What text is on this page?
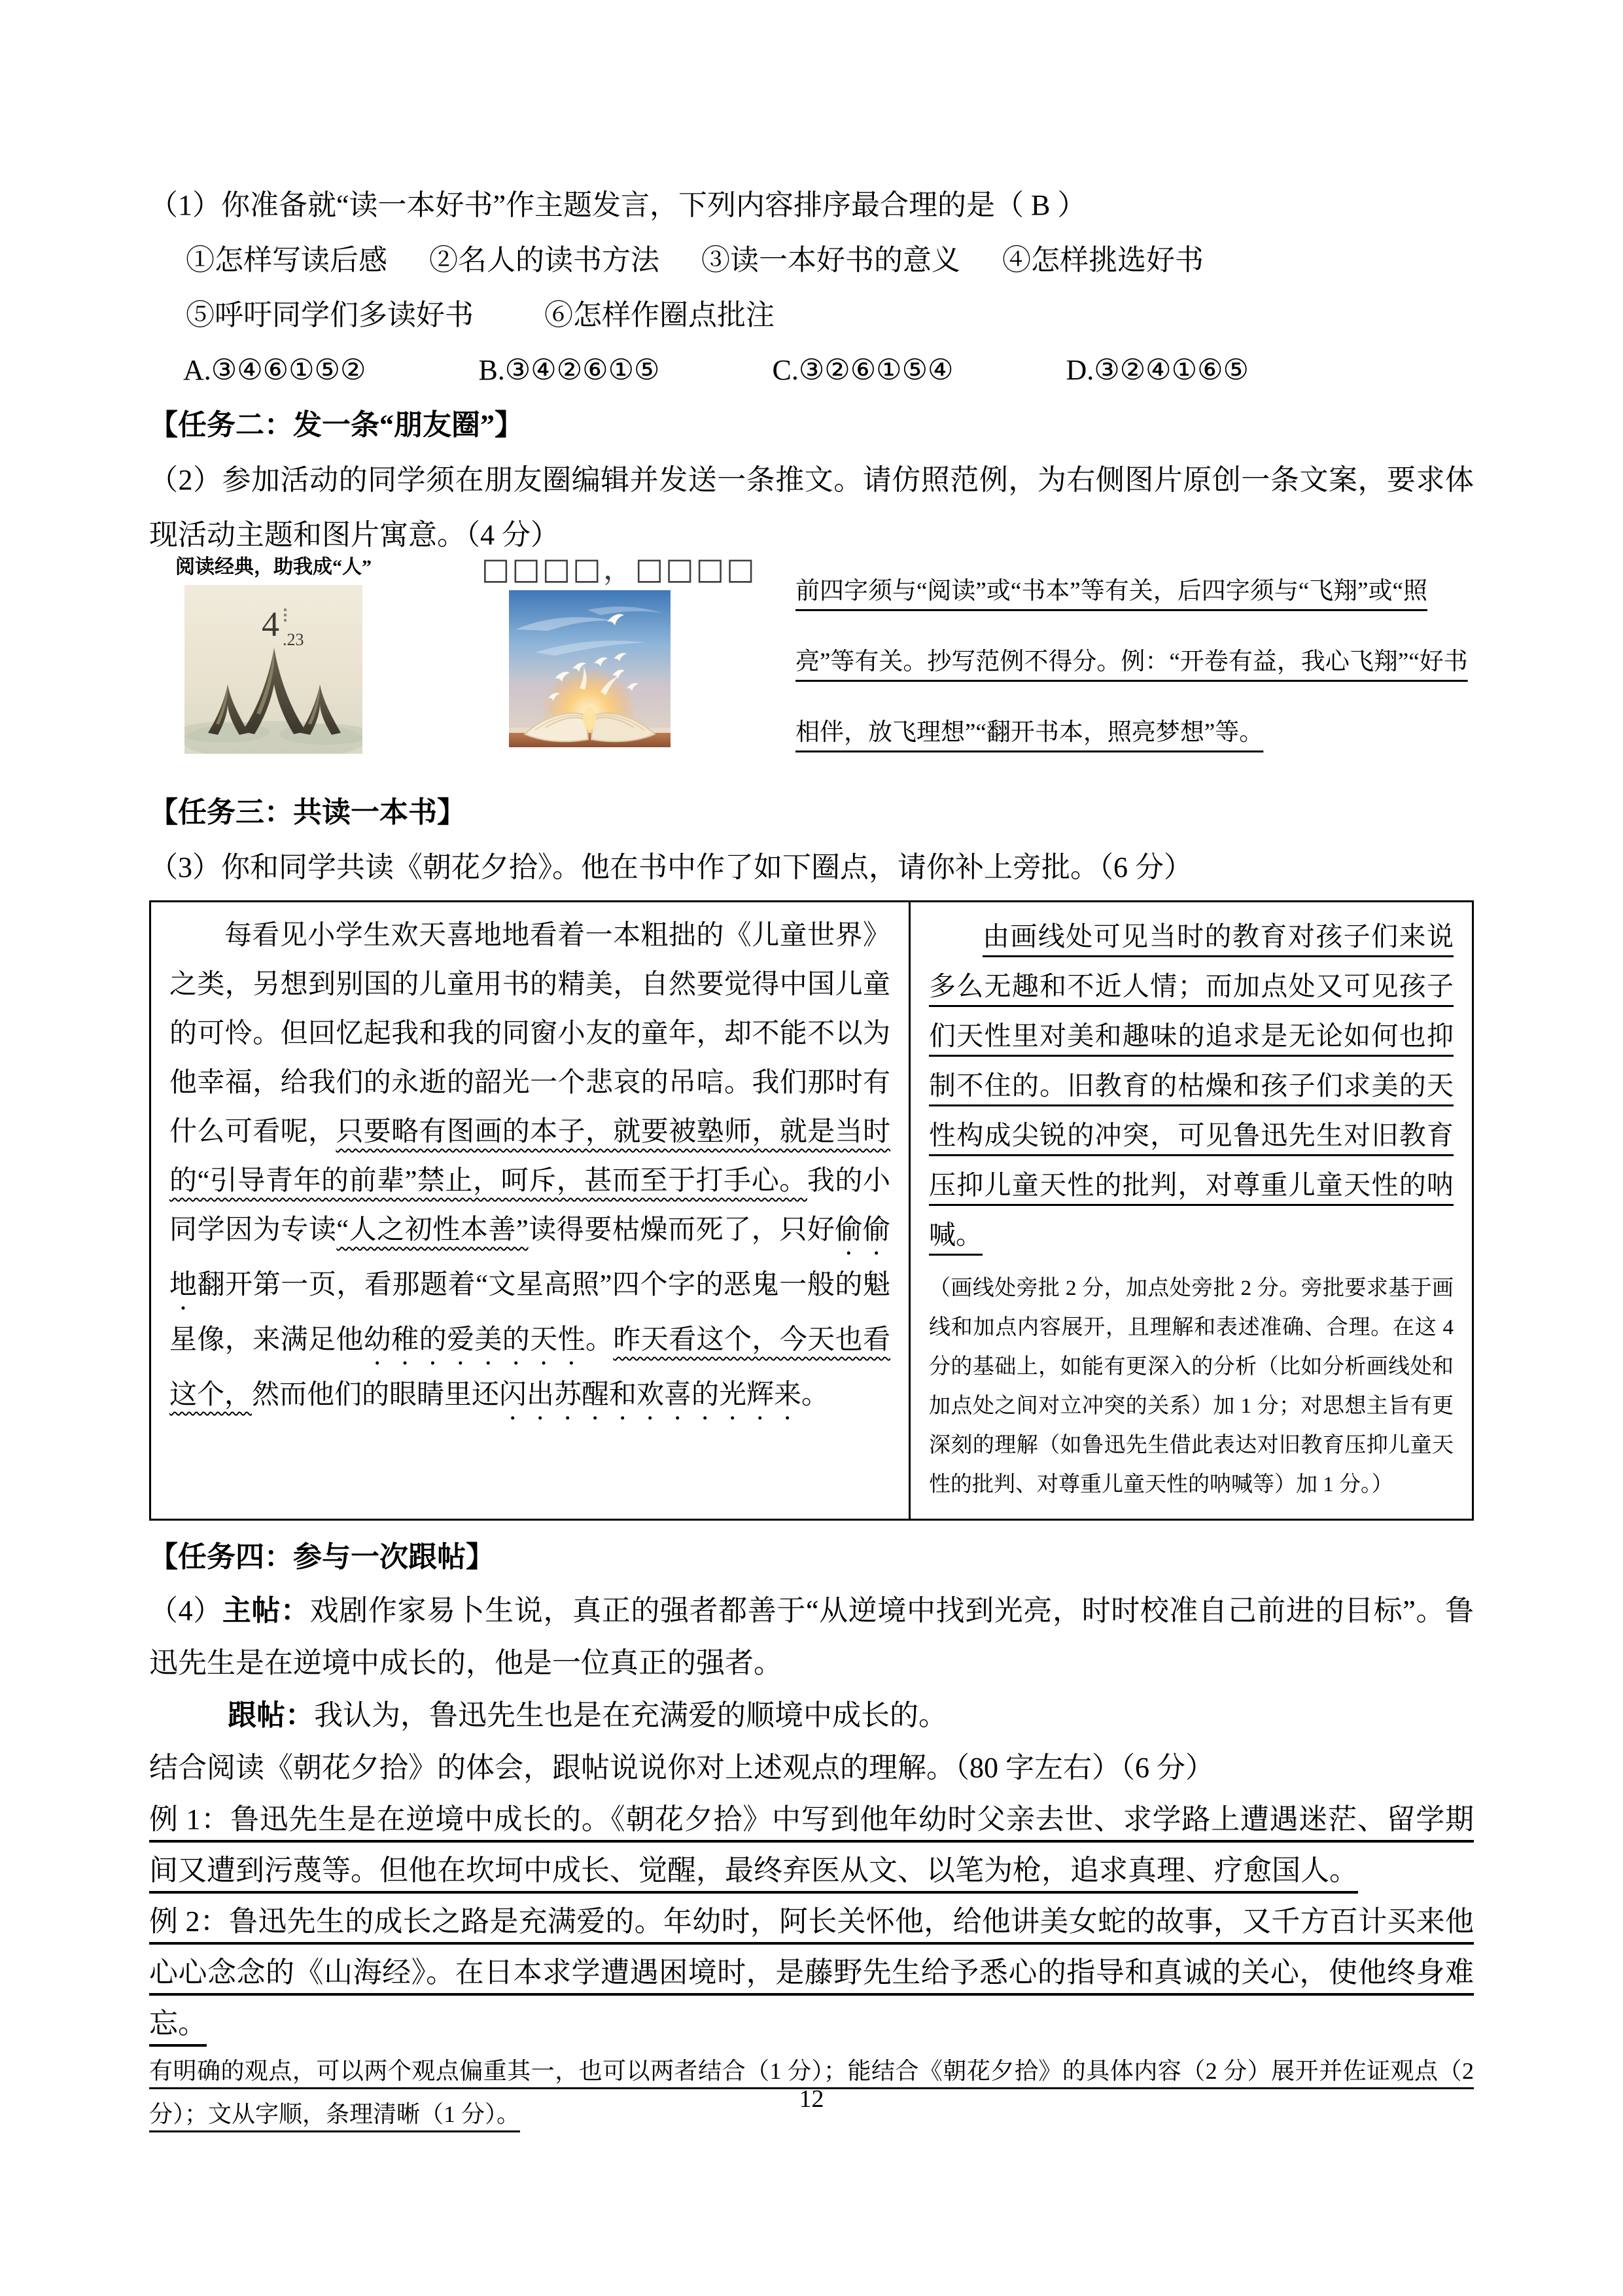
（1）你准备就“读一本好书”作主题发言，下列内容排序最合理的是（ B ）
①怎样写读后感 ②名人的读书方法 ③读一本好书的意义 ④怎样挑选好书
⑤呼吁同学们多读好书 ⑥怎样作圈点批注
A.③④⑥①⑤②	B.③④②⑥①⑤	C.③②⑥①⑤④	D.③②④①⑥⑤
【任务二：发一条“朋友圈”】
（2）参加活动的同学须在朋友圈编辑并发送一条推文。请仿照范例，为右侧图片原创一条文案，要求体现活动主题和图片寓意。（4 分）
阅读经典，助我成“人”
4 .23
□□□□，□□□□
前四字须与“阅读”或“书本”等有关，后四字须与“飞翔”或“照
亮”等有关。抄写范例不得分。例：“开卷有益，我心飞翔”“好书
相伴，放飞理想”“翻开书本，照亮梦想”等。
【任务三：共读一本书】
（3）你和同学共读《朝花夕拾》。他在书中作了如下圈点，请你补上旁批。（6 分）
每看见小学生欢天喜地地看着一本粗拙的《儿童世界》之类，另想到别国的儿童用书的精美，自然要觉得中国儿童的可怜。但回忆起我和我的同窗小友的童年，却不能不以为他幸福，给我们的永逝的韶光一个悲哀的吊唁。我们那时有什么可看呢，只要略有图画的本子，就要被塾师，就是当时的“引导青年的前辈”禁止，呵斥，甚而至于打手心。我的小同学因为专读“人之初性本善”读得要枯燥而死了，只好偷偷地翻开第一页，看那题着“文星高照”四个字的恶鬼一般的魁星像，来满足他幼稚的爱美的天性。昨天看这个，今天也看这个，然而他们的眼睛里还闪出苏醒和欢喜的光辉来。

由画线处可见当时的教育对孩子们来说多么无趣和不近人情；而加点处又可见孩子们天性里对美和趣味的追求是无论如何也抑制不住的。旧教育的枯燥和孩子们求美的天性构成尖锐的冲突，可见鲁迅先生对旧教育压抑儿童天性的批判，对尊重儿童天性的呐喊。
（画线处旁批 2 分，加点处旁批 2 分。旁批要求基于画线和加点内容展开，且理解和表述准确、合理。在这 4 分的基础上，如能有更深入的分析（比如分析画线处和加点处之间对立冲突的关系）加 1 分；对思想主旨有更深刻的理解（如鲁迅先生借此表达对旧教育压抑儿童天性的批判、对尊重儿童天性的呐喊等）加 1 分。）
【任务四：参与一次跟帖】
（4）主帖：戏剧作家易卜生说，真正的强者都善于“从逆境中找到光亮，时时校准自己前进的目标”。鲁迅先生是在逆境中成长的，他是一位真正的强者。
跟帖：我认为，鲁迅先生也是在充满爱的顺境中成长的。
结合阅读《朝花夕拾》的体会，跟帖说说你对上述观点的理解。（80 字左右）（6 分）
例 1：鲁迅先生是在逆境中成长的。《朝花夕拾》中写到他年幼时父亲去世、求学路上遭遇迷茫、留学期间又遭到污蔑等。但他在坎坷中成长、觉醒，最终弃医从文、以笔为枪，追求真理、疗愈国人。
例 2：鲁迅先生的成长之路是充满爱的。年幼时，阿长关怀他，给他讲美女蛇的故事，又千方百计买来他心心念念的《山海经》。在日本求学遭遇困境时，是藤野先生给予悉心的指导和真诚的关心，使他终身难忘。
有明确的观点，可以两个观点偏重其一，也可以两者结合（1 分）；能结合《朝花夕拾》的具体内容（2 分）展开并佐证观点（2 分）；文从字顺，条理清晰（1 分）。
12
